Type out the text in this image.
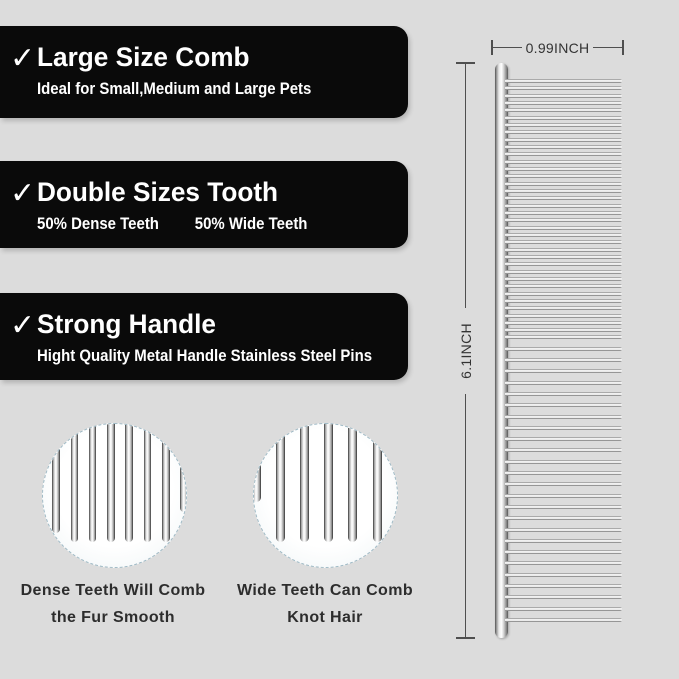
✓ Large Size Comb
Ideal for Small,Medium and Large Pets
✓ Double Sizes Tooth
50% Dense Teeth 50% Wide Teeth
✓ Strong Handle
Hight Quality Metal Handle Stainless Steel Pins
0.99INCH
6.1INCH
Dense Teeth Will Comb
the Fur Smooth
Wide Teeth Can Comb
Knot Hair
